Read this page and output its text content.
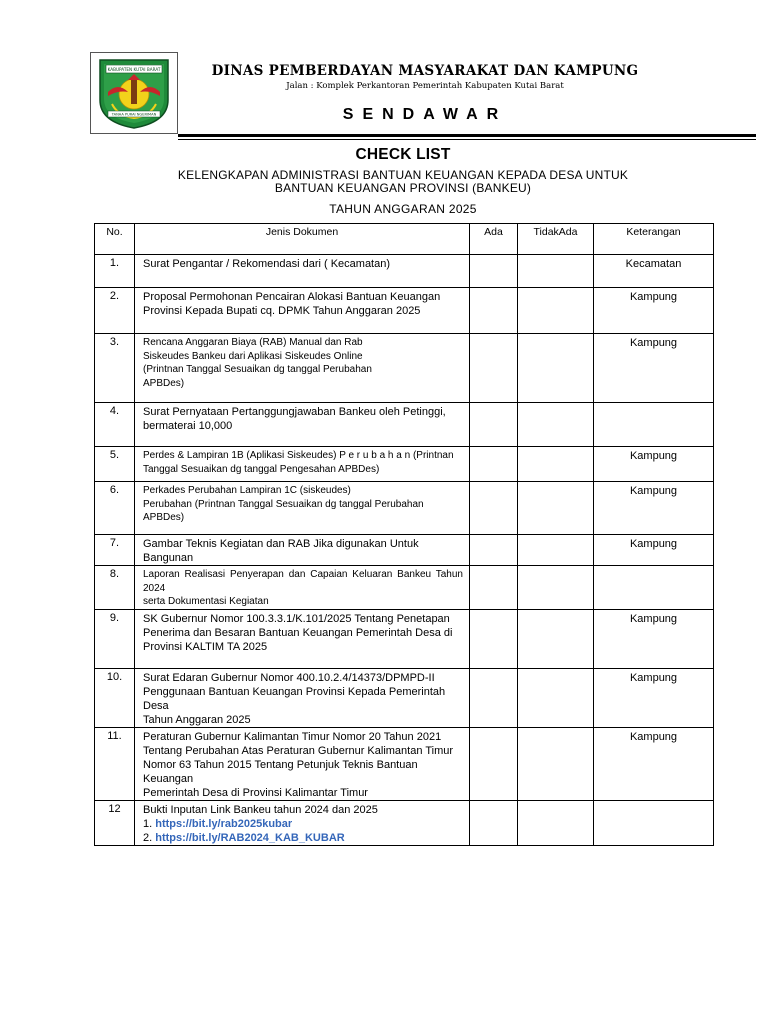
KABUPATEN KUTAI BARAT
TANAA PURAI NGERIMAN
DINAS PEMBERDAYAN MASYARAKAT DAN KAMPUNG
Jalan : Komplek Perkantoran Pemerintah Kabupaten Kutai Barat
SENDAWAR
CHECK LIST
KELENGKAPAN ADMINISTRASI BANTUAN KEUANGAN KEPADA DESA UNTUK
BANTUAN KEUANGAN PROVINSI (BANKEU)
TAHUN ANGGARAN 2025
No.	Jenis Dokumen	Ada	TidakAda	Keterangan
1.	Surat Pengantar / Rekomendasi dari ( Kecamatan)			Kecamatan
2.	Proposal Permohonan Pencairan Alokasi Bantuan Keuangan
Provinsi Kepada Bupati cq. DPMK Tahun Anggaran 2025			Kampung
3.	Rencana Anggaran Biaya (RAB) Manual dan Rab
Siskeudes Bankeu dari Aplikasi Siskeudes Online
(Printnan Tanggal Sesuaikan dg tanggal Perubahan
APBDes)			Kampung
4.	Surat Pernyataan Pertanggungjawaban Bankeu oleh Petinggi,
bermaterai 10,000			

5.	Perdes & Lampiran 1B (Aplikasi Siskeudes) P e r u b a h a n (Printnan
Tanggal Sesuaikan dg tanggal Pengesahan APBDes)			Kampung
6.	Perkades Perubahan Lampiran 1C (siskeudes)
Perubahan (Printnan Tanggal Sesuaikan dg tanggal Perubahan
APBDes)			Kampung
7.	Gambar Teknis Kegiatan dan RAB Jika digunakan Untuk
Bangunan			Kampung
8.	Laporan Realisasi Penyerapan dan Capaian Keluaran Bankeu Tahun 2024
serta Dokumentasi Kegiatan			

9.	SK Gubernur Nomor 100.3.3.1/K.101/2025 Tentang Penetapan
Penerima dan Besaran Bantuan Keuangan Pemerintah Desa di
Provinsi KALTIM TA 2025			Kampung
10.	Surat Edaran Gubernur Nomor 400.10.2.4/14373/DPMPD-II
Penggunaan Bantuan Keuangan Provinsi Kepada Pemerintah Desa
Tahun Anggaran 2025			Kampung
11.	Peraturan Gubernur Kalimantan Timur Nomor 20 Tahun 2021
Tentang Perubahan Atas Peraturan Gubernur Kalimantan Timur
Nomor 63 Tahun 2015 Tentang Petunjuk Teknis Bantuan Keuangan
Pemerintah Desa di Provinsi Kalimantar Timur			Kampung
12	Bukti Inputan Link Bankeu tahun 2024 dan 2025
1. https://bit.ly/rab2025kubar
2. https://bit.ly/RAB2024_KAB_KUBAR			
